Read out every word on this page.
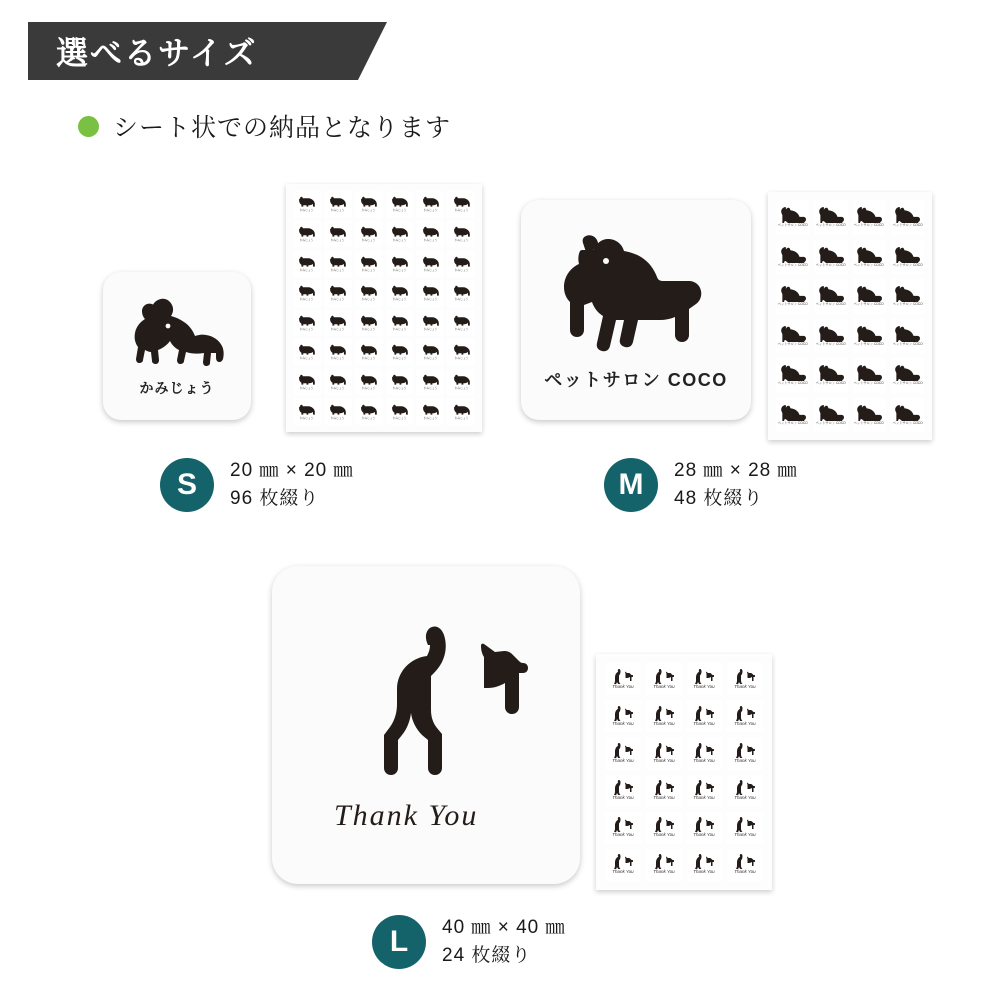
選べるサイズ
シート状での納品となります
かみじょう
かみじょう	かみじょう	かみじょう	かみじょう	かみじょう	かみじょう
かみじょう	かみじょう	かみじょう	かみじょう	かみじょう	かみじょう
かみじょう	かみじょう	かみじょう	かみじょう	かみじょう	かみじょう
かみじょう	かみじょう	かみじょう	かみじょう	かみじょう	かみじょう
かみじょう	かみじょう	かみじょう	かみじょう	かみじょう	かみじょう
かみじょう	かみじょう	かみじょう	かみじょう	かみじょう	かみじょう
かみじょう	かみじょう	かみじょう	かみじょう	かみじょう	かみじょう
かみじょう	かみじょう	かみじょう	かみじょう	かみじょう	かみじょう
S	20 ㎜ × 20 ㎜
96 枚綴り
ペットサロン COCO
ペットサロン COCO ペットサロン COCO ペットサロン COCO ペットサロン COCO
ペットサロン COCO ペットサロン COCO ペットサロン COCO ペットサロン COCO
ペットサロン COCO ペットサロン COCO ペットサロン COCO ペットサロン COCO
ペットサロン COCO ペットサロン COCO ペットサロン COCO ペットサロン COCO
ペットサロン COCO ペットサロン COCO ペットサロン COCO ペットサロン COCO
ペットサロン COCO ペットサロン COCO ペットサロン COCO ペットサロン COCO
M	28 ㎜ × 28 ㎜
48 枚綴り
Thank You
Thank You	Thank You	Thank You	Thank You
Thank You	Thank You	Thank You	Thank You
Thank You	Thank You	Thank You	Thank You
Thank You	Thank You	Thank You	Thank You
Thank You	Thank You	Thank You	Thank You
Thank You	Thank You	Thank You	Thank You
L	40 ㎜ × 40 ㎜
24 枚綴り
